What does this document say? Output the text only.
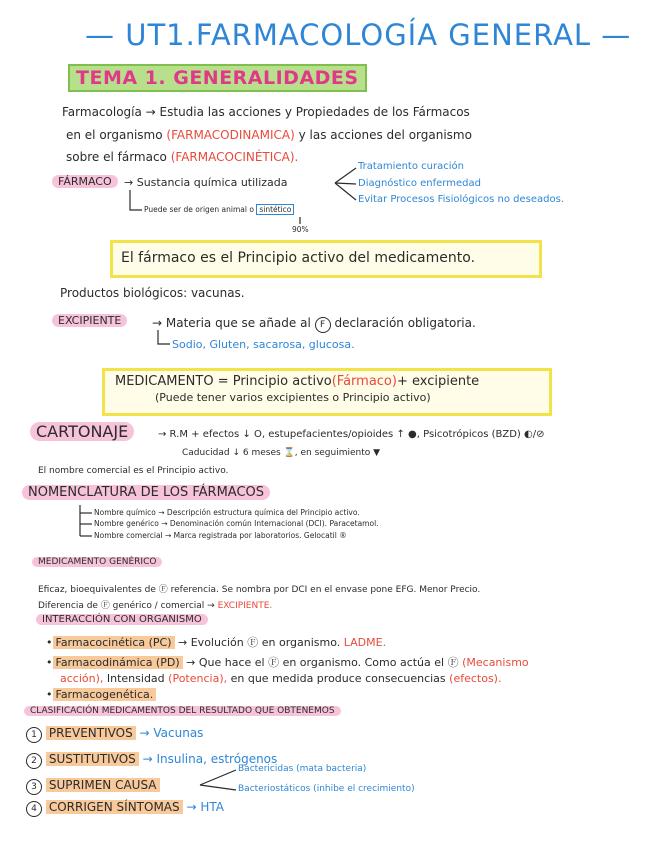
— UT1.FARMACOLOGÍA GENERAL —
TEMA 1. GENERALIDADES
Farmacología → Estudia las acciones y Propiedades de los Fármacos
en el organismo (FARMACODINAMICA) y las acciones del organismo
sobre el fármaco (FARMACOCINÉTICA).
FÁRMACO	→ Sustancia química utilizada
Tratamiento curación
Diagnóstico enfermedad
Evitar Procesos Fisiológicos no deseados.
Puede ser de origen animal o sintético
90%
El fármaco es el Principio activo del medicamento.
Productos biológicos: vacunas.
EXCIPIENTE	→ Materia que se añade al F declaración obligatoria.
Sodio, Gluten, sacarosa, glucosa.
MEDICAMENTO = Principio activo(Fármaco)+ excipiente
(Puede tener varios excipientes o Principio activo)
CARTONAJE	→ R.M + efectos ↓ O, estupefacientes/opioides ↑ ●, Psicotrópicos (BZD) ◐/⊘
Caducidad ↓ 6 meses ⌛, en seguimiento ▼
El nombre comercial es el Principio activo.
NOMENCLATURA DE LOS FÁRMACOS
Nombre químico → Descripción estructura química del Principio activo.
Nombre genérico → Denominación común Internacional (DCI). Paracetamol.
Nombre comercial → Marca registrada por laboratorios. Gelocatil ®
MEDICAMENTO GENÉRICO
Eficaz, bioequivalentes de Ⓕ referencia. Se nombra por DCI en el envase pone EFG. Menor Precio.
Diferencia de Ⓕ genérico / comercial → EXCIPIENTE.
INTERACCIÓN CON ORGANISMO
• Farmacocinética (PC) → Evolución Ⓕ en organismo. LADME.
• Farmacodinámica (PD) → Que hace el Ⓕ en organismo. Como actúa el Ⓕ (Mecanismo
acción), Intensidad (Potencia), en que medida produce consecuencias (efectos).
• Farmacogenética.
CLASIFICACIÓN MEDICAMENTOS DEL RESULTADO QUE OBTENEMOS
1 PREVENTIVOS → Vacunas
2 SUSTITUTIVOS → Insulina, estrógenos
3 SUPRIMEN CAUSA
Bactericidas (mata bacteria)
Bacteriostáticos (inhibe el crecimiento)
4 CORRIGEN SÍNTOMAS → HTA
